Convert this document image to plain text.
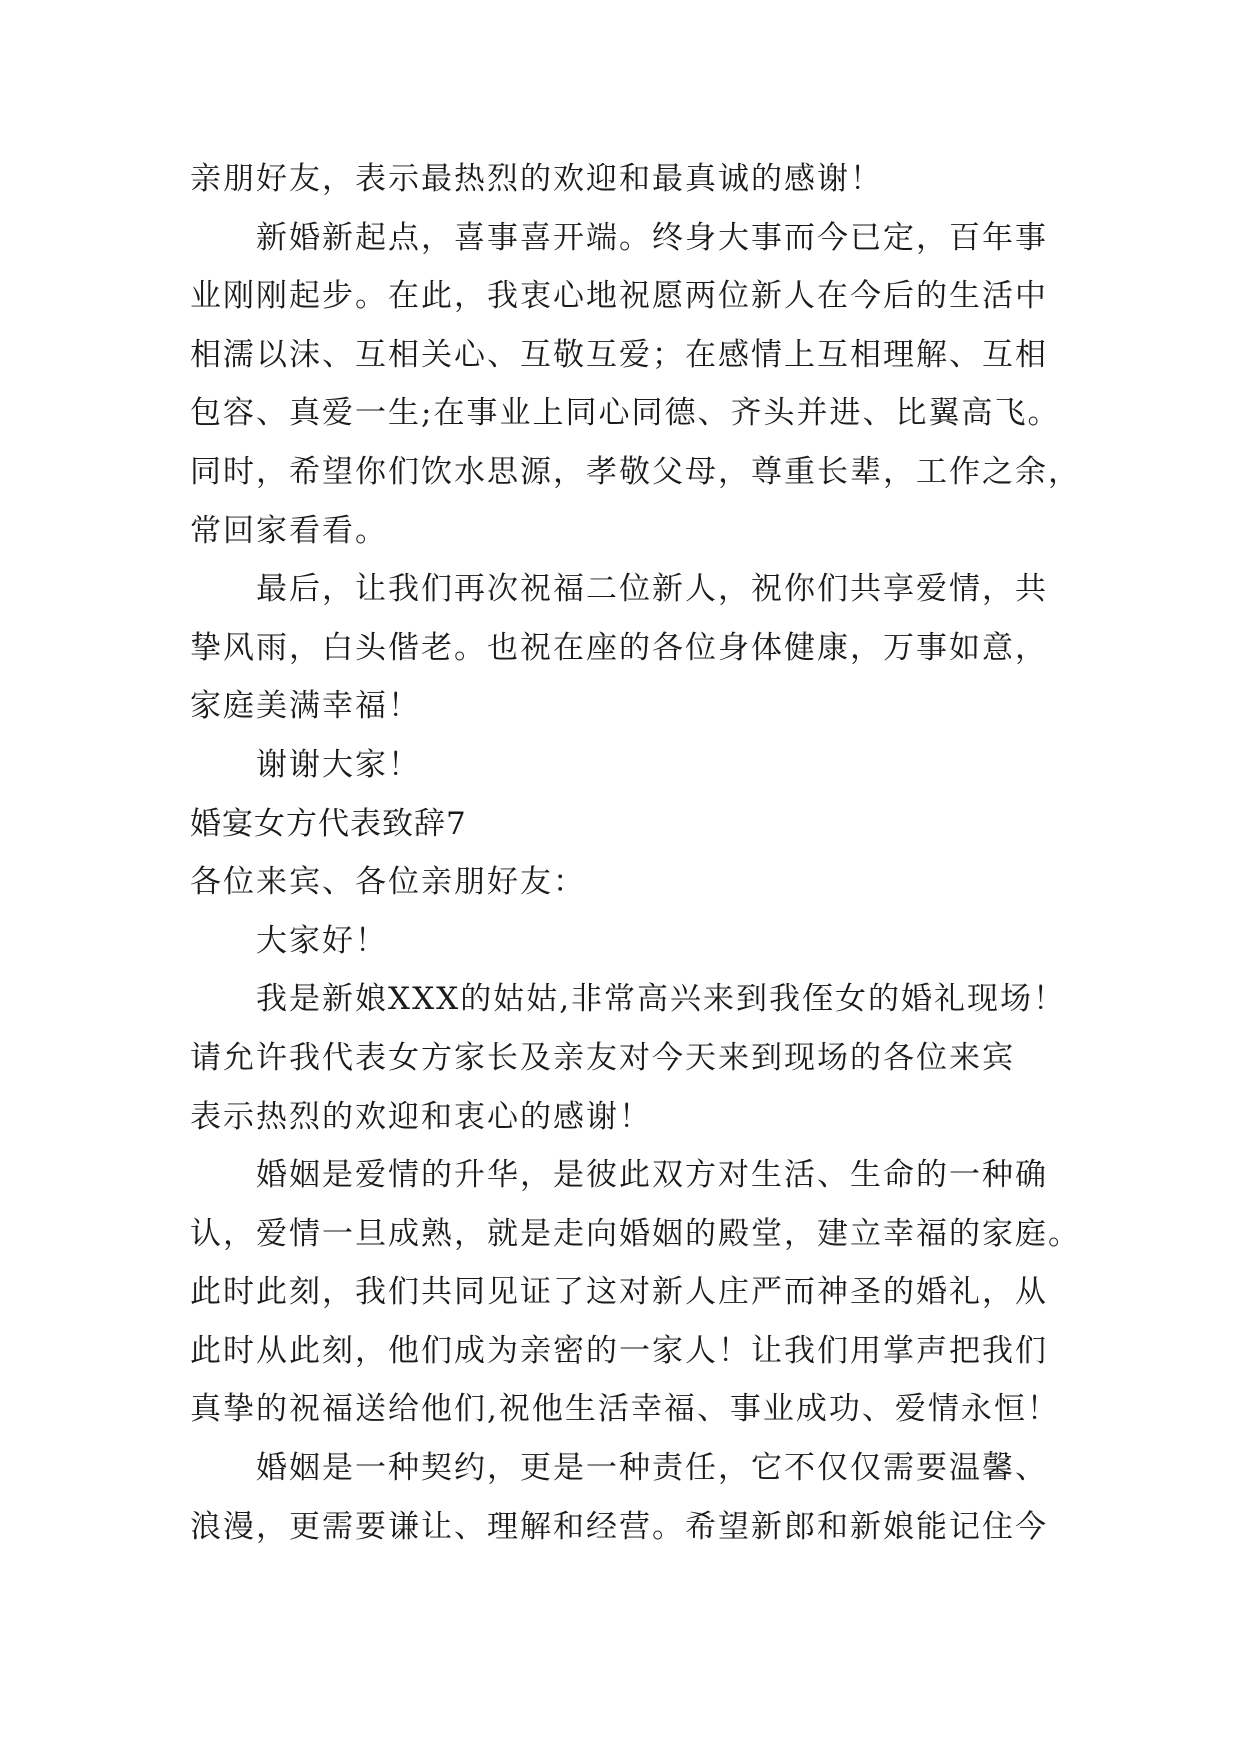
亲朋好友，表示最热烈的欢迎和最真诚的感谢！
新婚新起点，喜事喜开端。终身大事而今已定，百年事
业刚刚起步。在此，我衷心地祝愿两位新人在今后的生活中
相濡以沫、互相关心、互敬互爱；在感情上互相理解、互相
包容、真爱一生;在事业上同心同德、齐头并进、比翼高飞。
同时，希望你们饮水思源，孝敬父母，尊重长辈，工作之余，
常回家看看。
最后，让我们再次祝福二位新人，祝你们共享爱情，共
挚风雨，白头偕老。也祝在座的各位身体健康，万事如意，
家庭美满幸福！
谢谢大家！
婚宴女方代表致辞7
各位来宾、各位亲朋好友：
大家好！
我是新娘XXX的姑姑,非常高兴来到我侄女的婚礼现场！
请允许我代表女方家长及亲友对今天来到现场的各位来宾
表示热烈的欢迎和衷心的感谢！
婚姻是爱情的升华，是彼此双方对生活、生命的一种确
认，爱情一旦成熟，就是走向婚姻的殿堂，建立幸福的家庭。
此时此刻，我们共同见证了这对新人庄严而神圣的婚礼，从
此时从此刻，他们成为亲密的一家人！让我们用掌声把我们
真挚的祝福送给他们,祝他生活幸福、事业成功、爱情永恒！
婚姻是一种契约，更是一种责任，它不仅仅需要温馨、
浪漫，更需要谦让、理解和经营。希望新郎和新娘能记住今
